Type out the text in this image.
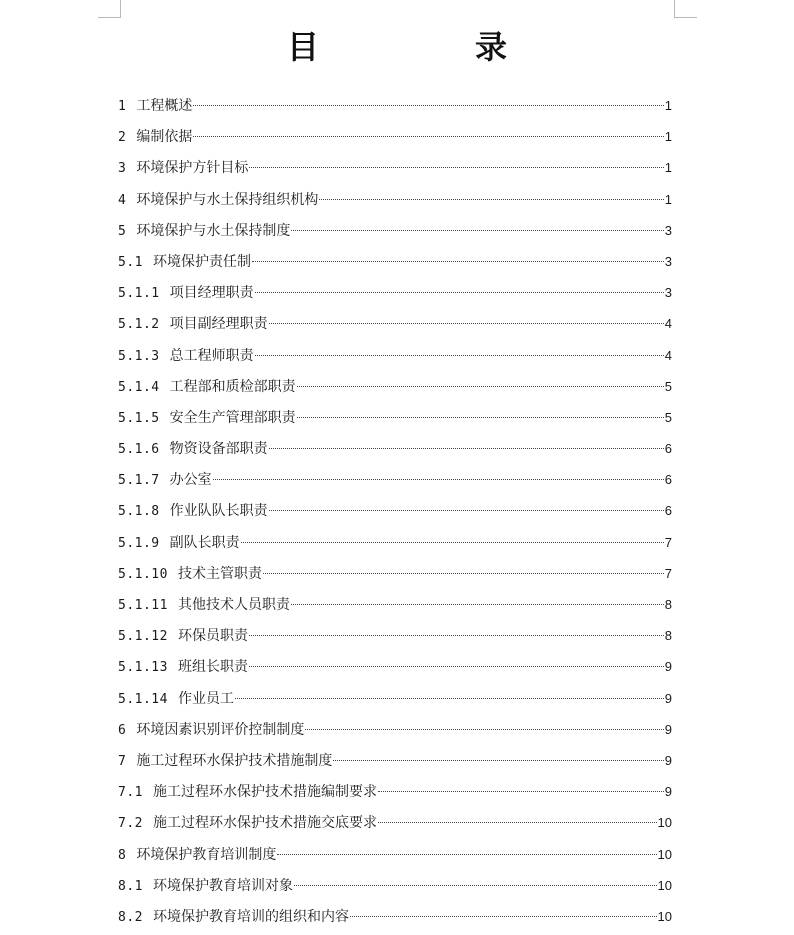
目　录
1 工程概述	1
2 编制依据	1
3 环境保护方针目标	1
4 环境保护与水土保持组织机构	1
5 环境保护与水土保持制度	3
5.1 环境保护责任制	3
5.1.1 项目经理职责	3
5.1.2 项目副经理职责	4
5.1.3 总工程师职责	4
5.1.4 工程部和质检部职责	5
5.1.5 安全生产管理部职责	5
5.1.6 物资设备部职责	6
5.1.7 办公室	6
5.1.8 作业队队长职责	6
5.1.9 副队长职责	7
5.1.10 技术主管职责	7
5.1.11 其他技术人员职责	8
5.1.12 环保员职责	8
5.1.13 班组长职责	9
5.1.14 作业员工	9
6 环境因素识别评价控制制度	9
7 施工过程环水保护技术措施制度	9
7.1 施工过程环水保护技术措施编制要求	9
7.2 施工过程环水保护技术措施交底要求	10
8 环境保护教育培训制度	10
8.1 环境保护教育培训对象	10
8.2 环境保护教育培训的组织和内容	10
